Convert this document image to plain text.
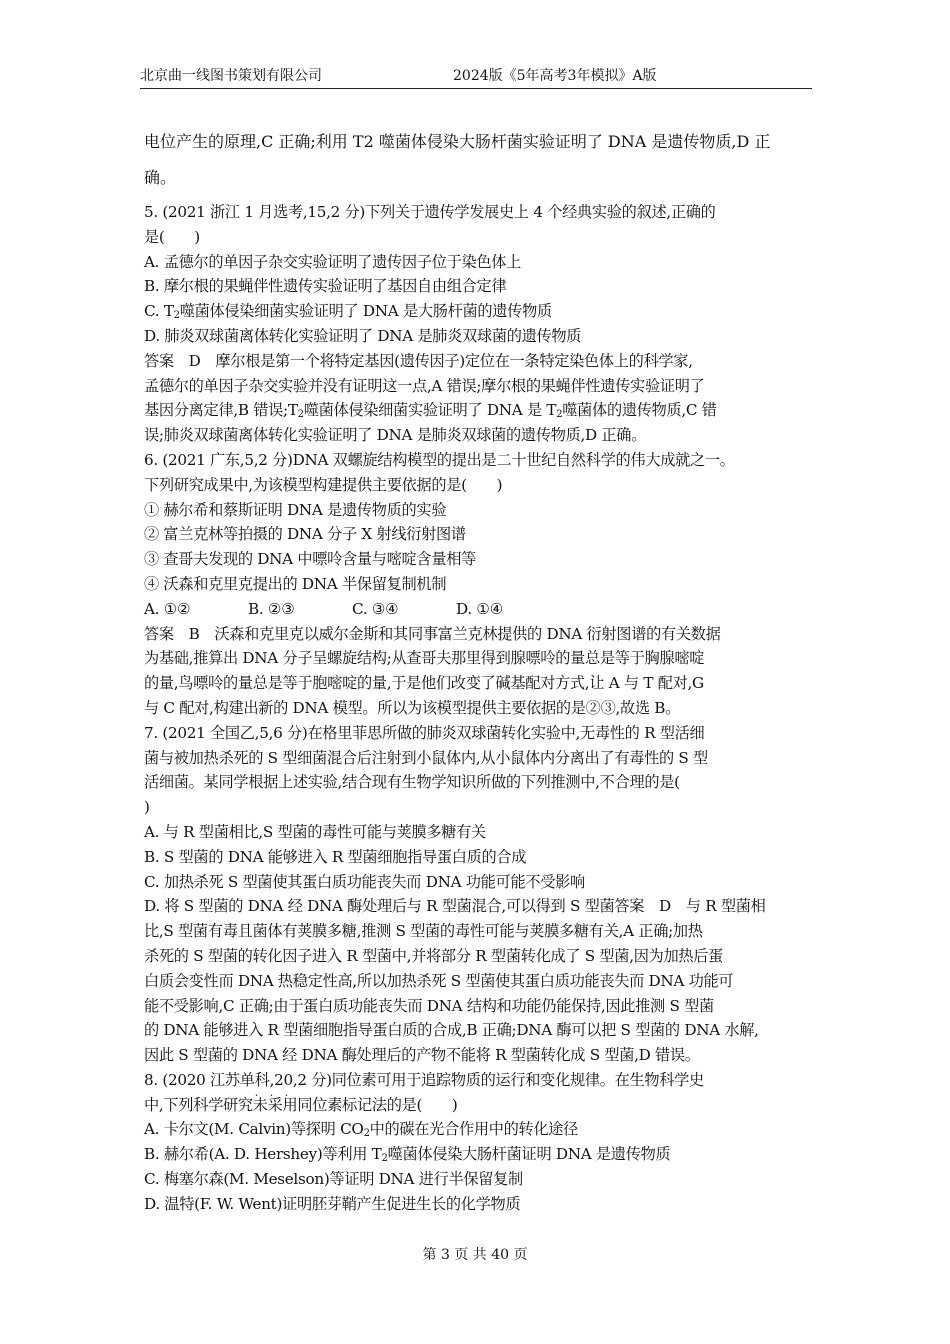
北京曲一线图书策划有限公司	2024版《5年高考3年模拟》A版

电位产生的原理,C 正确;利用 T2 噬菌体侵染大肠杆菌实验证明了 DNA 是遗传物质,D 正
确。

5. (2021 浙江 1 月选考,15,2 分)下列关于遗传学发展史上 4 个经典实验的叙述,正确的
是(　　)
A. 孟德尔的单因子杂交实验证明了遗传因子位于染色体上
B. 摩尔根的果蝇伴性遗传实验证明了基因自由组合定律
C. $T_2$噬菌体侵染细菌实验证明了 DNA 是大肠杆菌的遗传物质
D. 肺炎双球菌离体转化实验证明了 DNA 是肺炎双球菌的遗传物质
答案　D　摩尔根是第一个将特定基因(遗传因子)定位在一条特定染色体上的科学家,
孟德尔的单因子杂交实验并没有证明这一点,A 错误;摩尔根的果蝇伴性遗传实验证明了
基因分离定律,B 错误$;T_2$噬菌体侵染细菌实验证明了 DNA 是 $T_2$噬菌体的遗传物质,C 错
误;肺炎双球菌离体转化实验证明了 DNA 是肺炎双球菌的遗传物质,D 正确。
6. (2021 广东,5,2 分)DNA 双螺旋结构模型的提出是二十世纪自然科学的伟大成就之一。
下列研究成果中,为该模型构建提供主要依据的是(　　)
① 赫尔希和蔡斯证明 DNA 是遗传物质的实验
② 富兰克林等拍摄的 DNA 分子 X 射线衍射图谱
③ 查哥夫发现的 DNA 中嘌呤含量与嘧啶含量相等
④ 沃森和克里克提出的 DNA 半保留复制机制
A. ①②	B. ②③	C. ③④	D. ①④
答案　B　沃森和克里克以威尔金斯和其同事富兰克林提供的 DNA 衍射图谱的有关数据
为基础,推算出 DNA 分子呈螺旋结构;从查哥夫那里得到腺嘌呤的量总是等于胸腺嘧啶
的量,鸟嘌呤的量总是等于胞嘧啶的量,于是他们改变了碱基配对方式,让 A 与 T 配对,G
与 C 配对,构建出新的 DNA 模型。所以为该模型提供主要依据的是②③,故选 B。
7. (2021 全国乙,5,6 分)在格里菲思所做的肺炎双球菌转化实验中,无毒性的 R 型活细
菌与被加热杀死的 S 型细菌混合后注射到小鼠体内,从小鼠体内分离出了有毒性的 S 型
活细菌。某同学根据上述实验,结合现有生物学知识所做的下列推测中,不合理的是(
)
A. 与 R 型菌相比,S 型菌的毒性可能与荚膜多糖有关
B. S 型菌的 DNA 能够进入 R 型菌细胞指导蛋白质的合成
C. 加热杀死 S 型菌使其蛋白质功能丧失而 DNA 功能可能不受影响
D. 将 S 型菌的 DNA 经 DNA 酶处理后与 R 型菌混合,可以得到 S 型菌答案　D　与 R 型菌相
比,S 型菌有毒且菌体有荚膜多糖,推测 S 型菌的毒性可能与荚膜多糖有关,A 正确;加热
杀死的 S 型菌的转化因子进入 R 型菌中,并将部分 R 型菌转化成了 S 型菌,因为加热后蛋
白质会变性而 DNA 热稳定性高,所以加热杀死 S 型菌使其蛋白质功能丧失而 DNA 功能可
能不受影响,C 正确;由于蛋白质功能丧失而 DNA 结构和功能仍能保持,因此推测 S 型菌
的 DNA 能够进入 R 型菌细胞指导蛋白质的合成,B 正确;DNA 酶可以把 S 型菌的 DNA 水解,
因此 S 型菌的 DNA 经 DNA 酶处理后的产物不能将 R 型菌转化成 S 型菌,D 错误。
8. (2020 江苏单科,20,2 分)同位素可用于追踪物质的运行和变化规律。在生物科学史
中,下列科学研究未采用 · · ·同位素标记法的是(　　)
A. 卡尔文(M. Calvin)等探明 $CO_2$中的碳在光合作用中的转化途径
B. 赫尔希(A. D. Hershey)等利用 $T_2$噬菌体侵染大肠杆菌证明 DNA 是遗传物质
C. 梅塞尔森(M. Meselson)等证明 DNA 进行半保留复制
D. 温特(F. W. Went)证明胚芽鞘产生促进生长的化学物质
第 3 页 共 40 页
